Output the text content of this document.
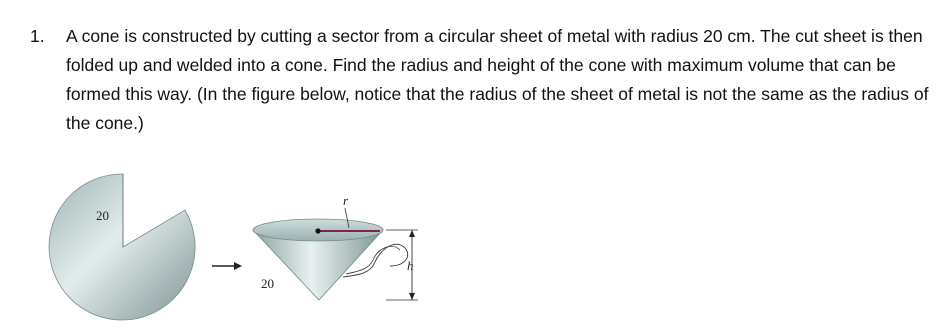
1. A cone is constructed by cutting a sector from a circular sheet of metal with radius 20 cm. The cut sheet is then folded up and welded into a cone. Find the radius and height of the cone with maximum volume that can be formed this way. (In the figure below, notice that the radius of the sheet of metal is not the same as the radius of the cone.)
20
r
20
h
